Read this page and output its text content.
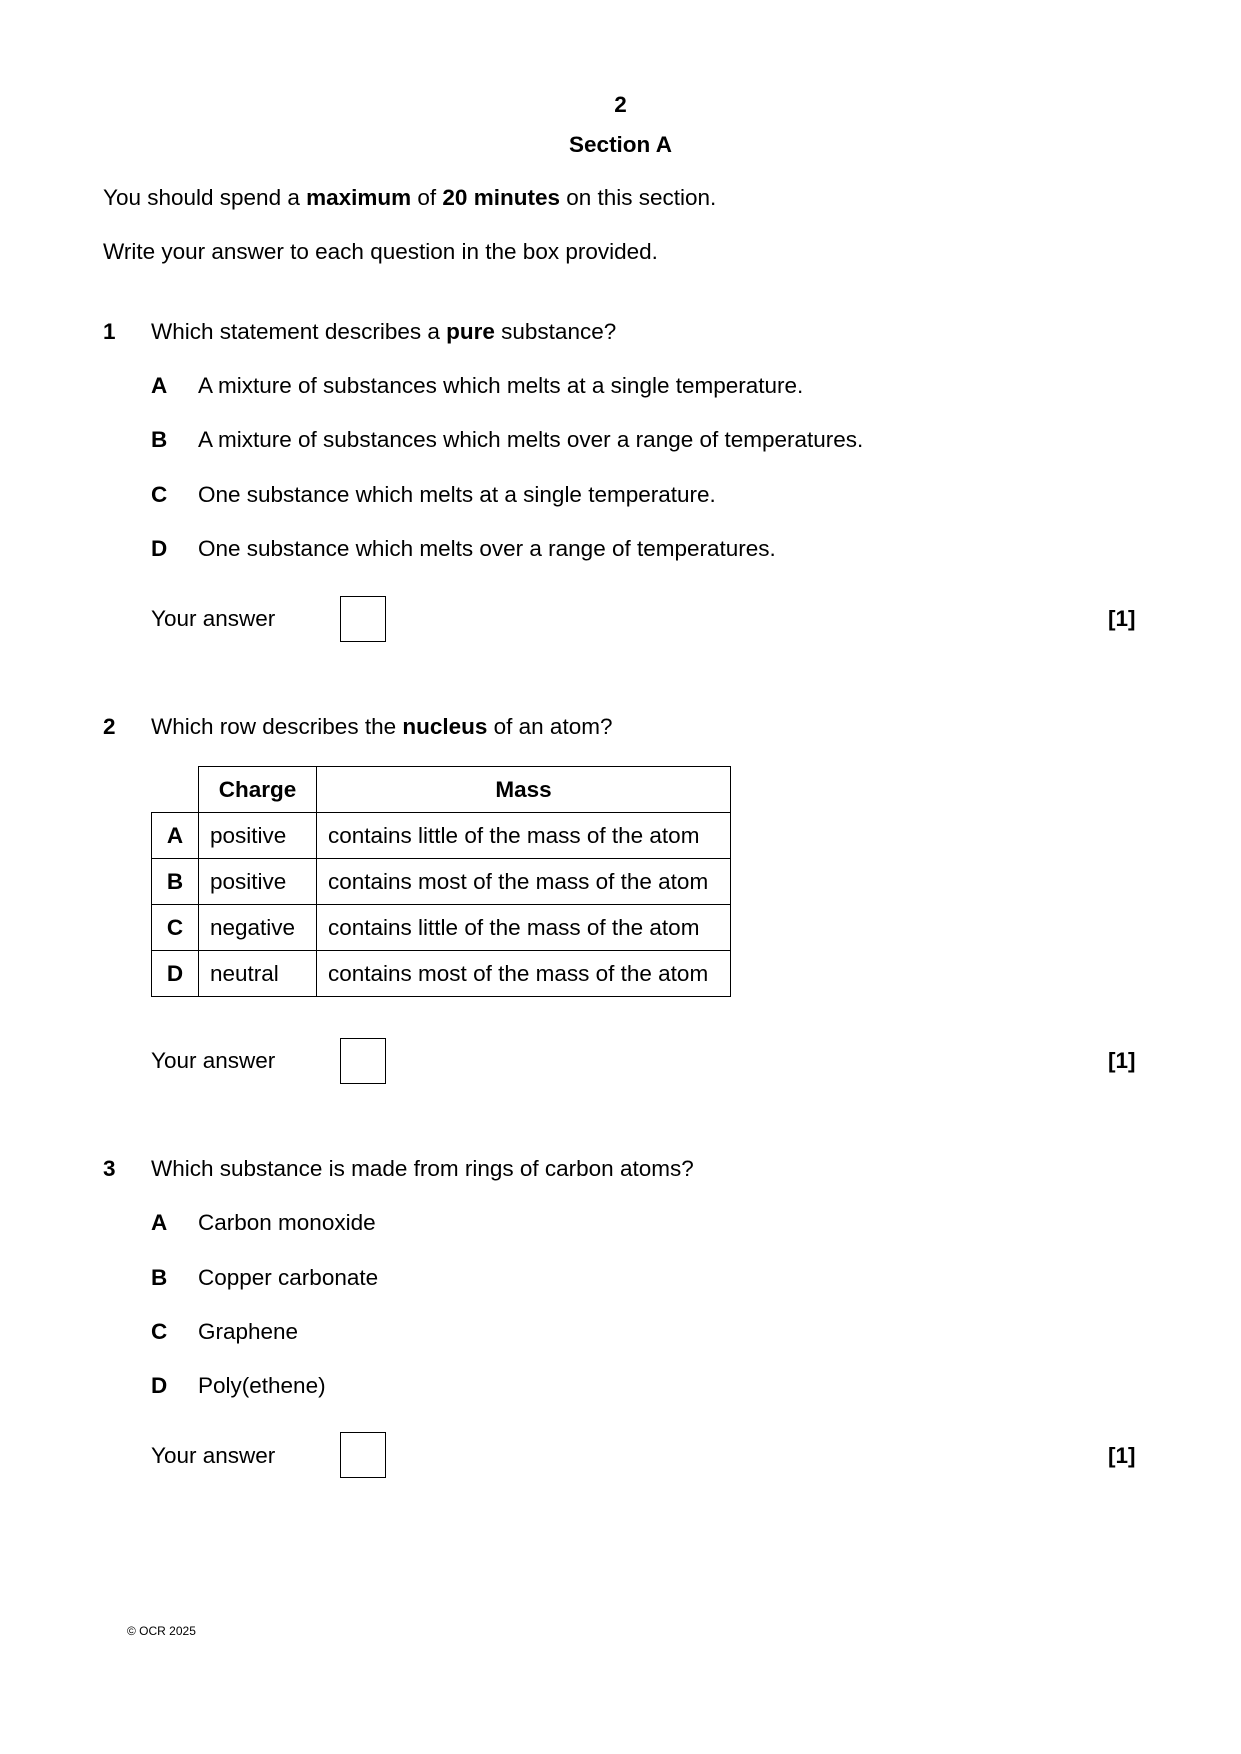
2
Section A
You should spend a maximum of 20 minutes on this section.
Write your answer to each question in the box provided.
1 Which statement describes a pure substance?
A A mixture of substances which melts at a single temperature.
B A mixture of substances which melts over a range of temperatures.
C One substance which melts at a single temperature.
D One substance which melts over a range of temperatures.
Your answer	[1]
2 Which row describes the nucleus of an atom?
	Charge	Mass
A	positive	contains little of the mass of the atom
B	positive	contains most of the mass of the atom
C	negative	contains little of the mass of the atom
D	neutral	contains most of the mass of the atom
Your answer	[1]
3 Which substance is made from rings of carbon atoms?
A Carbon monoxide
B Copper carbonate
C Graphene
D Poly(ethene)
Your answer	[1]
© OCR 2025
